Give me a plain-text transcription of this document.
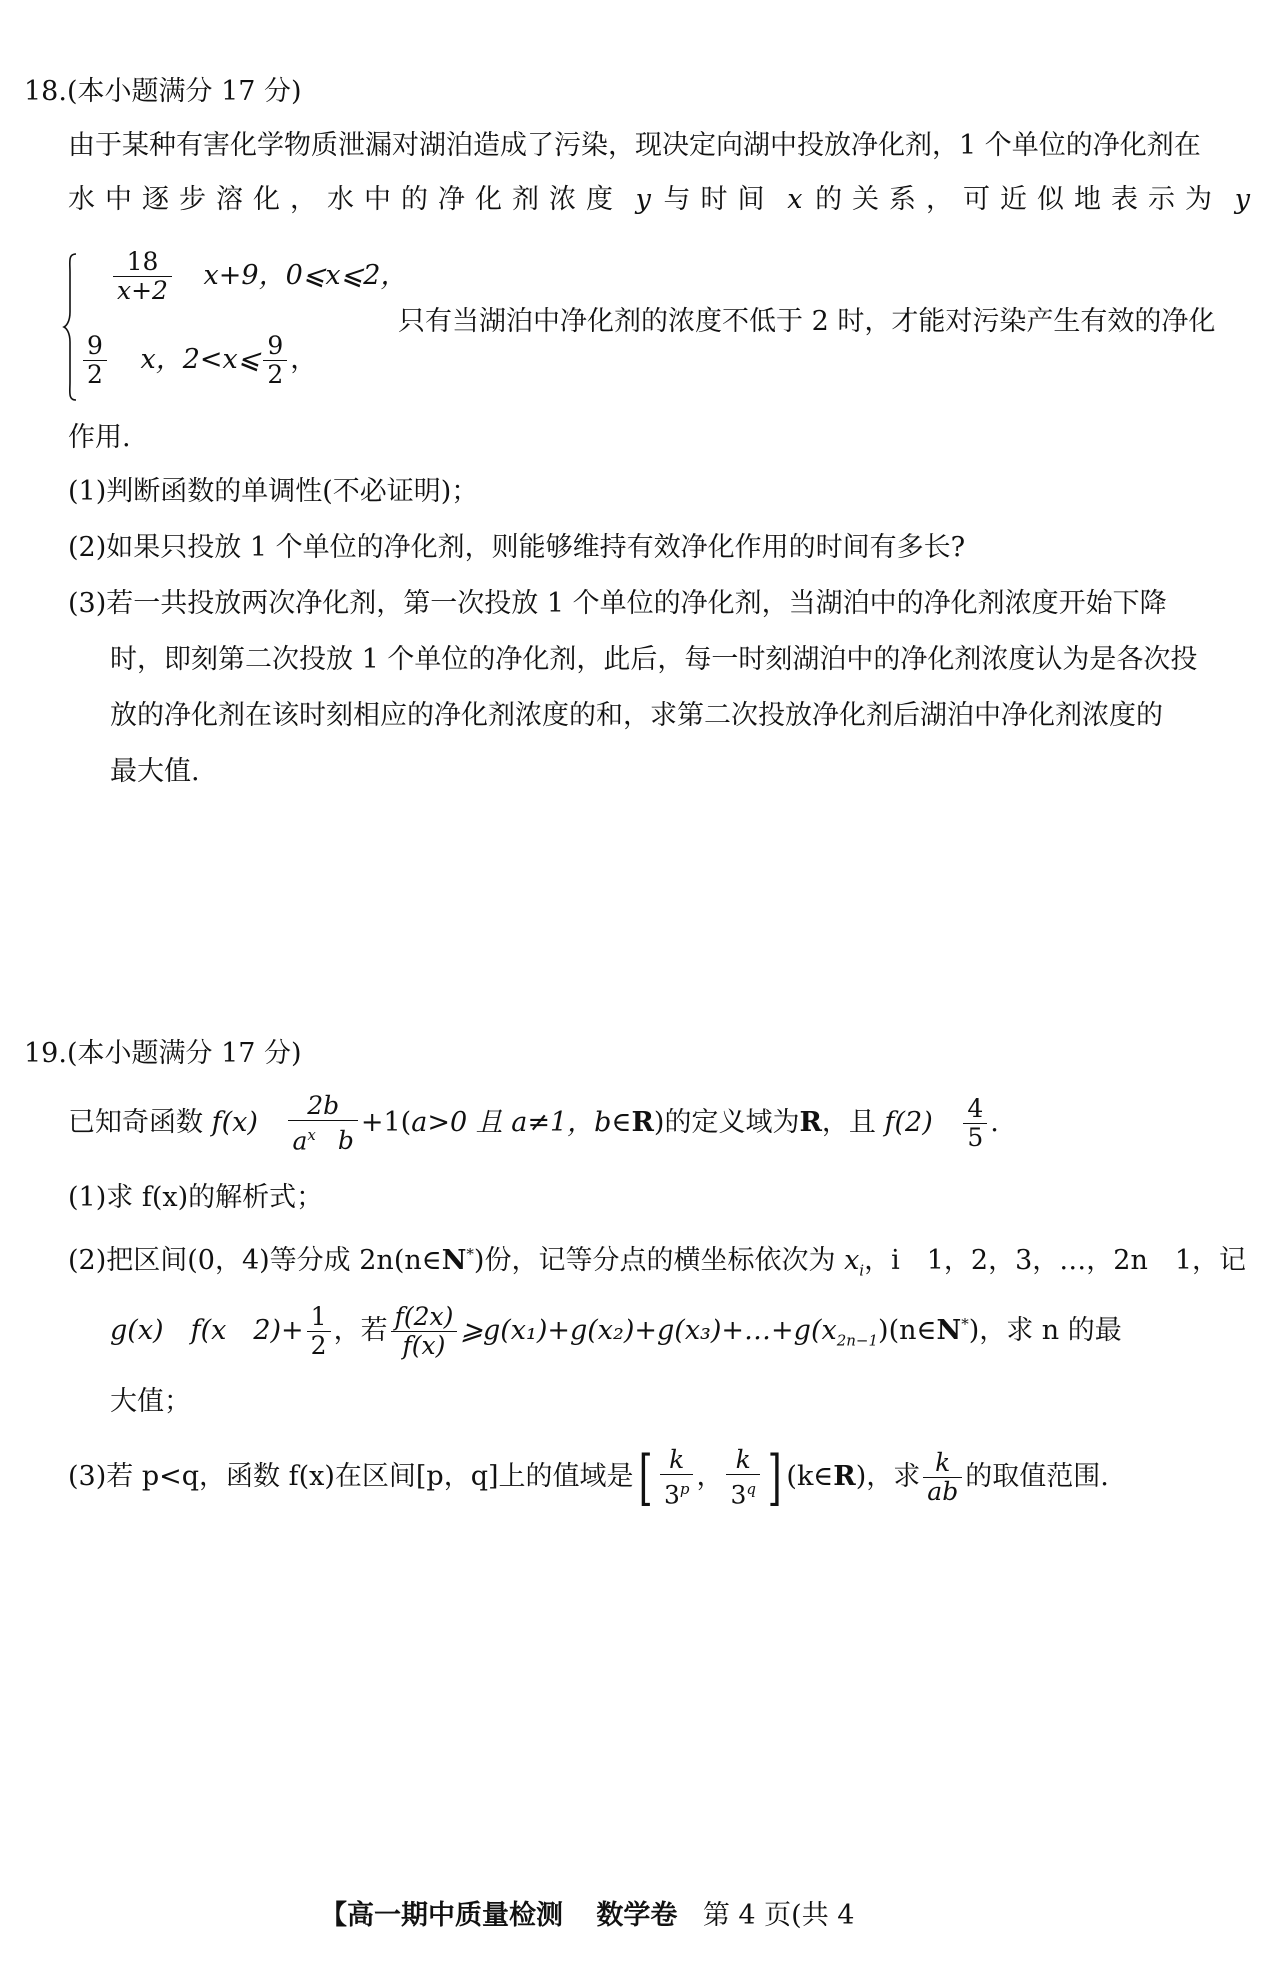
18.(本小题满分 17 分)
由于某种有害化学物质泄漏对湖泊造成了污染，现决定向湖中投放净化剂，1 个单位的净化剂在
水中逐步溶化，水中的净化剂浓度 y 与时间 x 的关系，可近似地表示为 y
$\frac{18}{x+2} x+9$，0⩽x⩽2，
$\frac{9}{2}$ x，2<x⩽ $\frac{9}{2}$ ，
只有当湖泊中净化剂的浓度不低于 2 时，才能对污染产生有效的净化
作用.
(1)判断函数的单调性(不必证明)；
(2)如果只投放 1 个单位的净化剂，则能够维持有效净化作用的时间有多长?
(3)若一共投放两次净化剂，第一次投放 1 个单位的净化剂，当湖泊中的净化剂浓度开始下降
时，即刻第二次投放 1 个单位的净化剂，此后，每一时刻湖泊中的净化剂浓度认为是各次投
放的净化剂在该时刻相应的净化剂浓度的和，求第二次投放净化剂后湖泊中净化剂浓度的
最大值.
19.(本小题满分 17 分)
已知奇函数 $f(x) \frac{2b}{a^x b} +1(a>0$ 且 a≠1，b∈R)的定义域为R，且 $f(2) \frac{4}{5}$ .
(1)求 f(x)的解析式；
(2)把区间(0，4)等分成 2n(n∈N*)份，记等分点的横坐标依次为 $x_i$，i　1，2，3，…，2n　1，记
g(x)　f(x　$2)+ \frac{1}{2}$ ，若 $\frac{f(2x)}{f(x)}$ $⩾g(x_1)+g(x_2)+g(x_3)+\dots+g(x_{2n-1})(n\in N^*)$，求 n 的最
大值；
(3)若 p<q，函数 f(x)在区间[p，q]上的值域是[ $\frac{k}{3^p}$ ， $\frac{k}{3^q}$ ] (k∈R)，求 $\frac{k}{ab}$ 的取值范围.
【高一期中质量检测 数学卷 第 4 页(共 4
